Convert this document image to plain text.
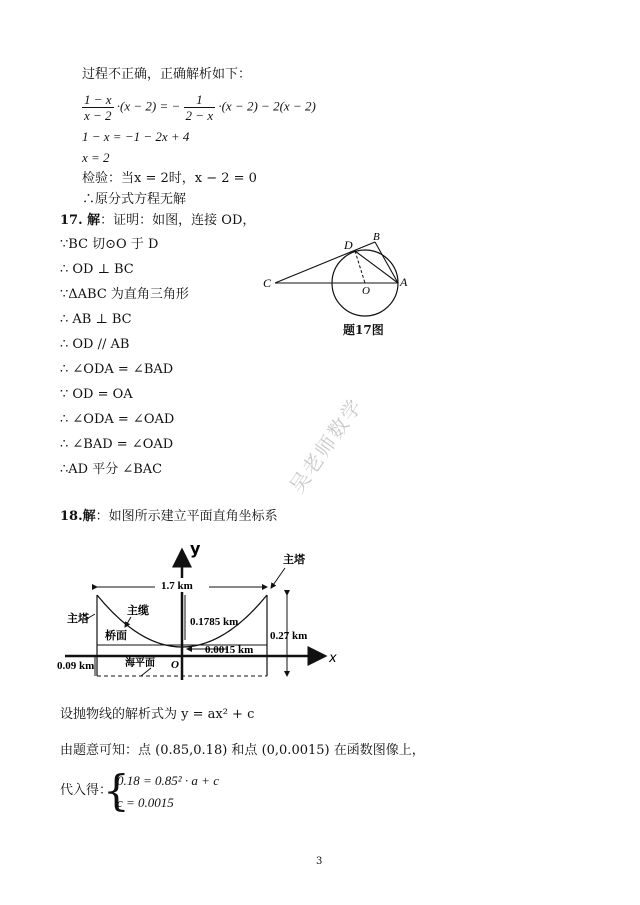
过程不正确，正确解析如下：
$\frac{1 - x}{x - 2} \cdot(x - 2)$ = − $\frac{1}{2 - x} \cdot(x - 2) - 2(x - 2)$
1 − x = −1 − 2x + 4
x = 2
检验：当x = 2时，x − 2 = 0
∴原分式方程无解
17. 解：证明：如图，连接 OD，
∵BC 切⊙O 于 D
∴ OD ⊥ BC
∵ΔABC 为直角三角形
∴ AB ⊥ BC
∴ OD // AB
∴ ∠ODA = ∠BAD
∵ OD = OA
∴ ∠ODA = ∠OAD
∴ ∠BAD = ∠OAD
∴AD 平分 ∠BAC
C
D
B
O
A
题17图
吴老师数学
18.解：如图所示建立平面直角坐标系
y
x
1.7 km
0.1785 km
0.0015 km
0.27 km
0.09 km
主塔
主塔
主缆
桥面
海平面 O
设抛物线的解析式为 y = ax² + c
由题意可知：点 (0.85,0.18) 和点 (0,0.0015) 在函数图像上，
代入得：
{
0.18 = 0.85² · a + c
c = 0.0015
3
